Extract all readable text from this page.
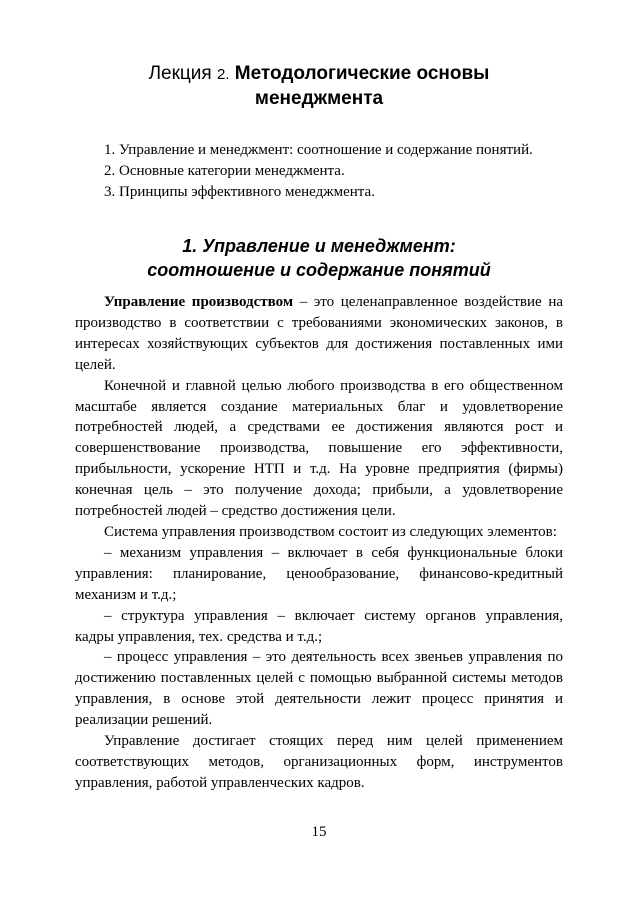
Лекция 2. Методологические основы
менеджмента

1. Управление и менеджмент: соотношение и содержание понятий.

2. Основные категории менеджмента.

3. Принципы эффективного менеджмента.

1. Управление и менеджмент:
соотношение и содержание понятий

Управление производством – это целенаправленное воздействие на производство в соответствии с требованиями экономических законов, в интересах хозяйствующих субъектов для достижения поставленных ими целей.

Конечной и главной целью любого производства в его общественном масштабе является создание материальных благ и удовлетворение потребностей людей, а средствами ее достижения являются рост и совершенствование производства, повышение его эффективности, прибыльности, ускорение НТП и т.д. На уровне предприятия (фирмы) конечная цель – это получение дохода; прибыли, а удовлетворение потребностей людей – средство достижения цели.

Система управления производством состоит из следующих элементов:

– механизм управления – включает в себя функциональные блоки управления: планирование, ценообразование, финансово-кредитный механизм и т.д.;

– структура управления – включает систему органов управления, кадры управления, тех. средства и т.д.;

– процесс управления – это деятельность всех звеньев управления по достижению поставленных целей с помощью выбранной системы методов управления, в основе этой деятельности лежит процесс принятия и реализации решений.

Управление достигает стоящих перед ним целей применением соответствующих методов, организационных форм, инструментов управления, работой управленческих кадров.

15
